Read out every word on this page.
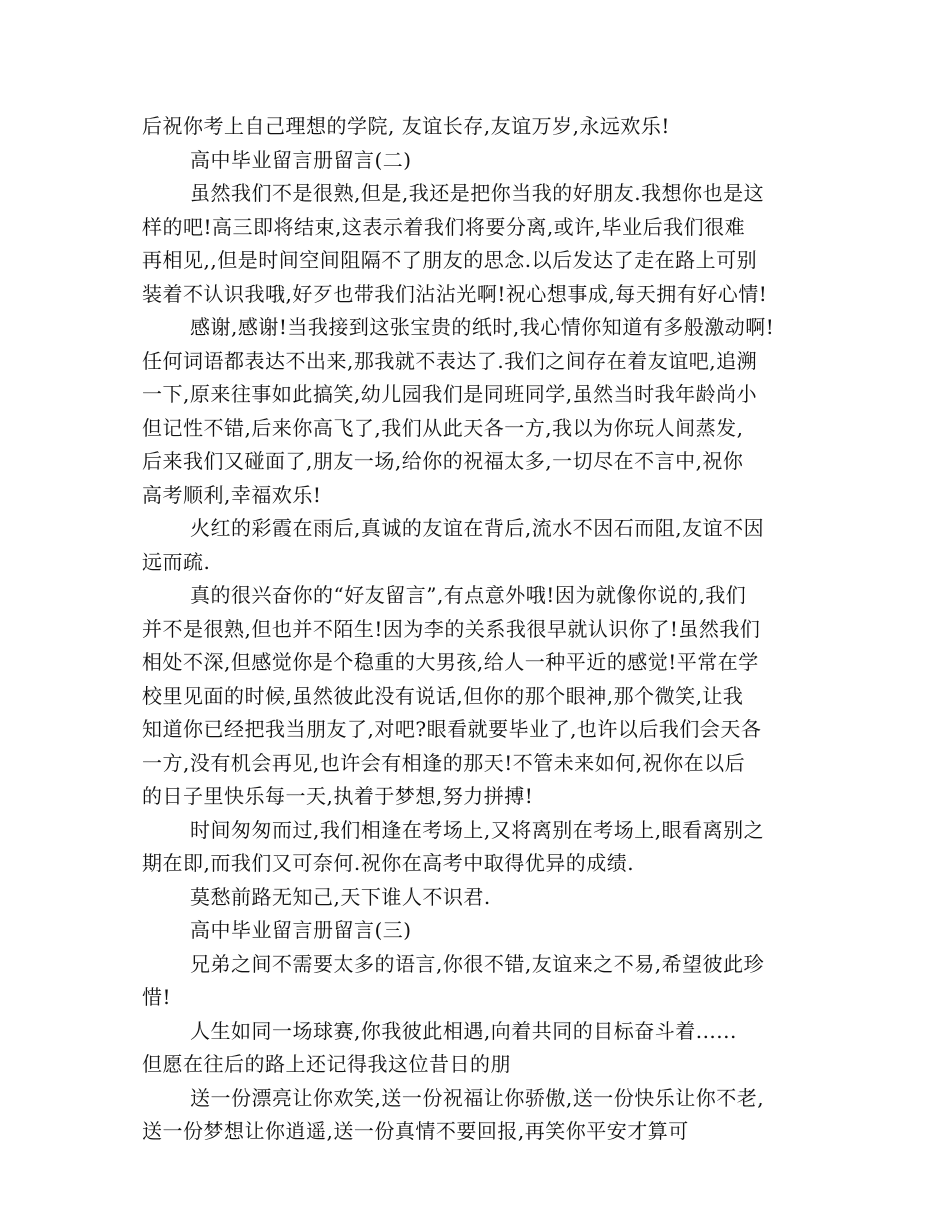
后祝你考上自己理想的学院, 友谊长存,友谊万岁,永远欢乐!
高中毕业留言册留言(二)
虽然我们不是很熟,但是,我还是把你当我的好朋友.我想你也是这
样的吧!高三即将结束,这表示着我们将要分离,或许,毕业后我们很难
再相见,,但是时间空间阻隔不了朋友的思念.以后发达了走在路上可别
装着不认识我哦,好歹也带我们沾沾光啊!祝心想事成,每天拥有好心情!
感谢,感谢!当我接到这张宝贵的纸时,我心情你知道有多般激动啊!
任何词语都表达不出来,那我就不表达了.我们之间存在着友谊吧,追溯
一下,原来往事如此搞笑,幼儿园我们是同班同学,虽然当时我年龄尚小
但记性不错,后来你高飞了,我们从此天各一方,我以为你玩人间蒸发,
后来我们又碰面了,朋友一场,给你的祝福太多,一切尽在不言中,祝你
高考顺利,幸福欢乐!
火红的彩霞在雨后,真诚的友谊在背后,流水不因石而阻,友谊不因
远而疏.
真的很兴奋你的“好友留言”,有点意外哦!因为就像你说的,我们
并不是很熟,但也并不陌生!因为李的关系我很早就认识你了!虽然我们
相处不深,但感觉你是个稳重的大男孩,给人一种平近的感觉!平常在学
校里见面的时候,虽然彼此没有说话,但你的那个眼神,那个微笑,让我
知道你已经把我当朋友了,对吧?眼看就要毕业了,也许以后我们会天各
一方,没有机会再见,也许会有相逢的那天!不管未来如何,祝你在以后
的日子里快乐每一天,执着于梦想,努力拼搏!
时间匆匆而过,我们相逢在考场上,又将离别在考场上,眼看离别之
期在即,而我们又可奈何.祝你在高考中取得优异的成绩.
莫愁前路无知己,天下谁人不识君.
高中毕业留言册留言(三)
兄弟之间不需要太多的语言,你很不错,友谊来之不易,希望彼此珍
惜!
人生如同一场球赛,你我彼此相遇,向着共同的目标奋斗着......
但愿在往后的路上还记得我这位昔日的朋
送一份漂亮让你欢笑,送一份祝福让你骄傲,送一份快乐让你不老,
送一份梦想让你逍遥,送一份真情不要回报,再笑你平安才算可
